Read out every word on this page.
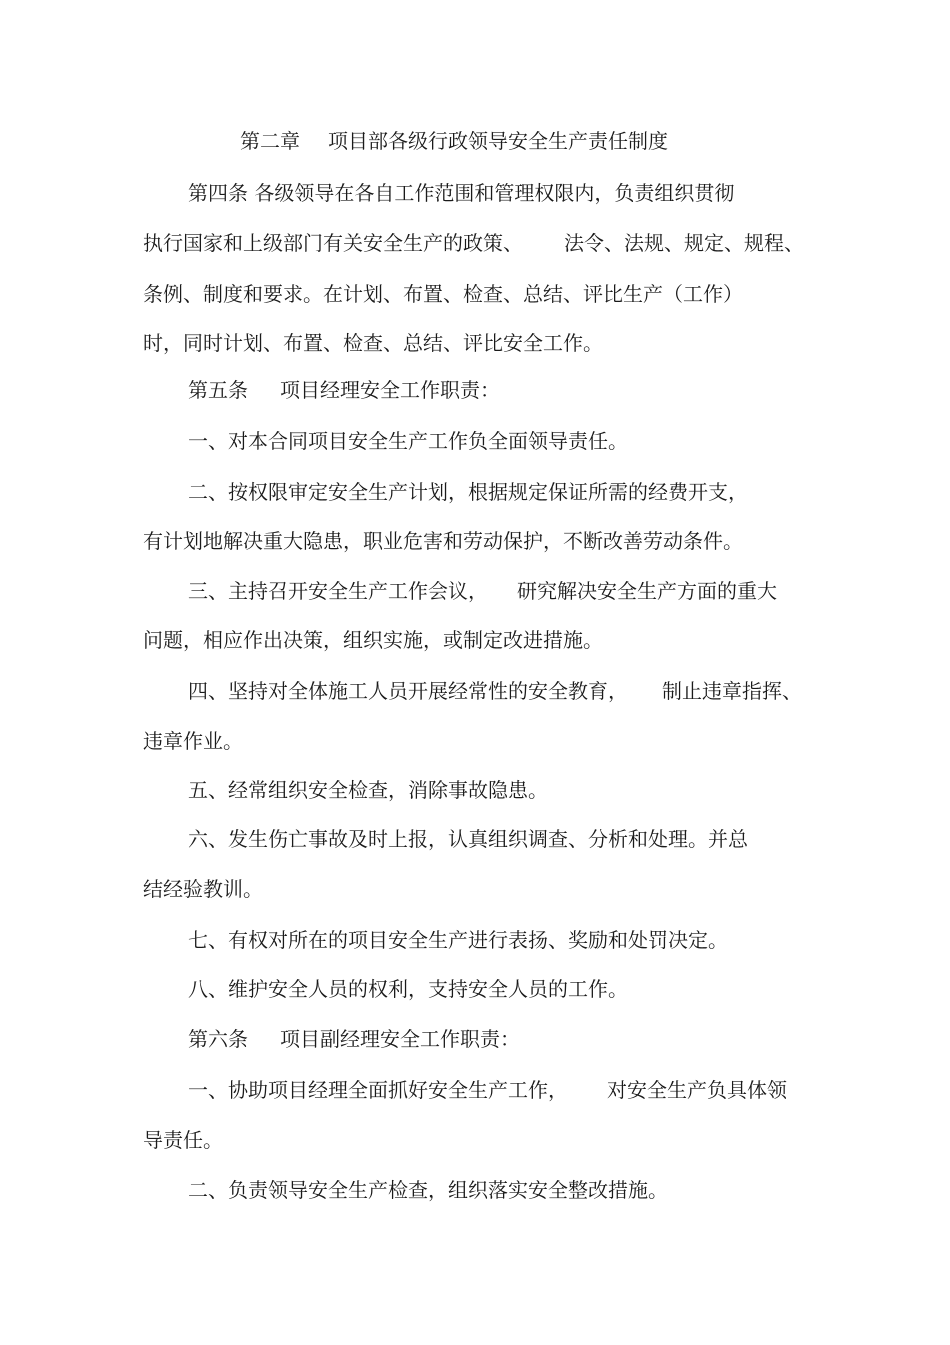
第二章 项目部各级行政领导安全生产责任制度

第四条 各级领导在各自工作范围和管理权限内，负责组织贯彻

执行国家和上级部门有关安全生产的政策、 法令、法规、规定、规程、

条例、制度和要求。在计划、布置、检查、总结、评比生产（工作）

时，同时计划、布置、检查、总结、评比安全工作。

第五条 项目经理安全工作职责：

一、对本合同项目安全生产工作负全面领导责任。

二、按权限审定安全生产计划，根据规定保证所需的经费开支，

有计划地解决重大隐患，职业危害和劳动保护，不断改善劳动条件。

三、主持召开安全生产工作会议， 研究解决安全生产方面的重大

问题，相应作出决策，组织实施，或制定改进措施。

四、坚持对全体施工人员开展经常性的安全教育， 制止违章指挥、

违章作业。

五、经常组织安全检查，消除事故隐患。

六、发生伤亡事故及时上报，认真组织调查、分析和处理。并总

结经验教训。

七、有权对所在的项目安全生产进行表扬、奖励和处罚决定。

八、维护安全人员的权利，支持安全人员的工作。

第六条 项目副经理安全工作职责：

一、协助项目经理全面抓好安全生产工作， 对安全生产负具体领

导责任。

二、负责领导安全生产检查，组织落实安全整改措施。
